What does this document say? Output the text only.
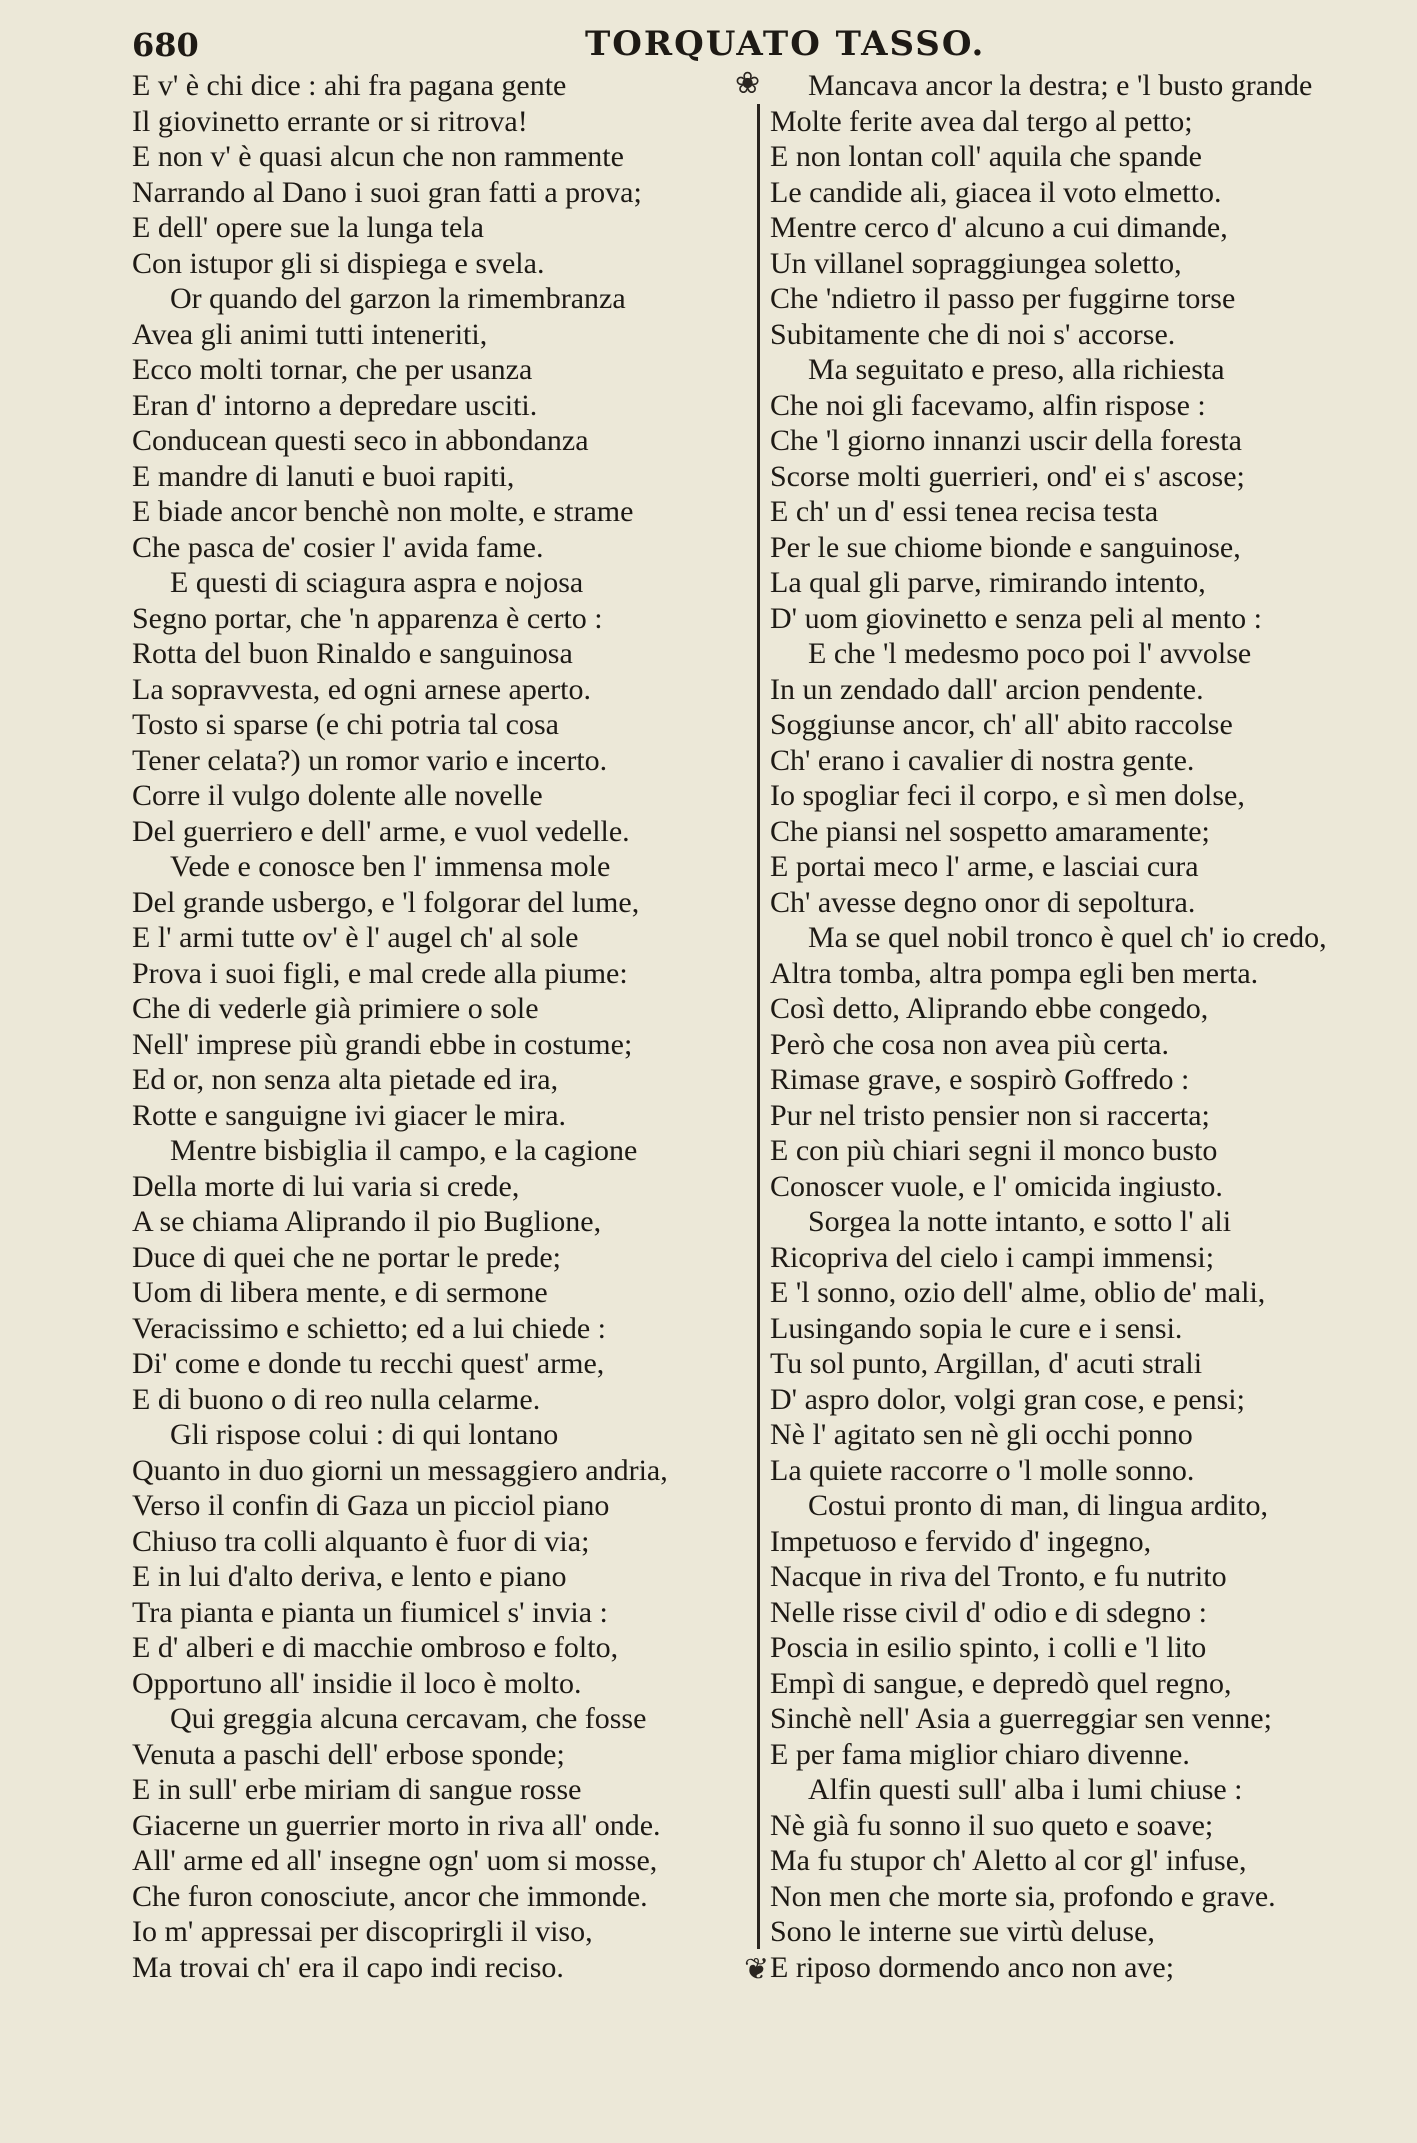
680	TORQUATO TASSO.
❀
❦
E v' è chi dice : ahi fra pagana gente
Il giovinetto errante or si ritrova!
E non v' è quasi alcun che non rammente
Narrando al Dano i suoi gran fatti a prova;
E dell' opere sue la lunga tela
Con istupor gli si dispiega e svela.
Or quando del garzon la rimembranza
Avea gli animi tutti inteneriti,
Ecco molti tornar, che per usanza
Eran d' intorno a depredare usciti.
Conducean questi seco in abbondanza
E mandre di lanuti e buoi rapiti,
E biade ancor benchè non molte, e strame
Che pasca de' cosier l' avida fame.
E questi di sciagura aspra e nojosa
Segno portar, che 'n apparenza è certo :
Rotta del buon Rinaldo e sanguinosa
La sopravvesta, ed ogni arnese aperto.
Tosto si sparse (e chi potria tal cosa
Tener celata?) un romor vario e incerto.
Corre il vulgo dolente alle novelle
Del guerriero e dell' arme, e vuol vedelle.
Vede e conosce ben l' immensa mole
Del grande usbergo, e 'l folgorar del lume,
E l' armi tutte ov' è l' augel ch' al sole
Prova i suoi figli, e mal crede alla piume:
Che di vederle già primiere o sole
Nell' imprese più grandi ebbe in costume;
Ed or, non senza alta pietade ed ira,
Rotte e sanguigne ivi giacer le mira.
Mentre bisbiglia il campo, e la cagione
Della morte di lui varia si crede,
A se chiama Aliprando il pio Buglione,
Duce di quei che ne portar le prede;
Uom di libera mente, e di sermone
Veracissimo e schietto; ed a lui chiede :
Di' come e donde tu recchi quest' arme,
E di buono o di reo nulla celarme.
Gli rispose colui : di qui lontano
Quanto in duo giorni un messaggiero andria,
Verso il confin di Gaza un picciol piano
Chiuso tra colli alquanto è fuor di via;
E in lui d'alto deriva, e lento e piano
Tra pianta e pianta un fiumicel s' invia :
E d' alberi e di macchie ombroso e folto,
Opportuno all' insidie il loco è molto.
Qui greggia alcuna cercavam, che fosse
Venuta a paschi dell' erbose sponde;
E in sull' erbe miriam di sangue rosse
Giacerne un guerrier morto in riva all' onde.
All' arme ed all' insegne ogn' uom si mosse,
Che furon conosciute, ancor che immonde.
Io m' appressai per discoprirgli il viso,
Ma trovai ch' era il capo indi reciso.
Mancava ancor la destra; e 'l busto grande
Molte ferite avea dal tergo al petto;
E non lontan coll' aquila che spande
Le candide ali, giacea il voto elmetto.
Mentre cerco d' alcuno a cui dimande,
Un villanel sopraggiungea soletto,
Che 'ndietro il passo per fuggirne torse
Subitamente che di noi s' accorse.
Ma seguitato e preso, alla richiesta
Che noi gli facevamo, alfin rispose :
Che 'l giorno innanzi uscir della foresta
Scorse molti guerrieri, ond' ei s' ascose;
E ch' un d' essi tenea recisa testa
Per le sue chiome bionde e sanguinose,
La qual gli parve, rimirando intento,
D' uom giovinetto e senza peli al mento :
E che 'l medesmo poco poi l' avvolse
In un zendado dall' arcion pendente.
Soggiunse ancor, ch' all' abito raccolse
Ch' erano i cavalier di nostra gente.
Io spogliar feci il corpo, e sì men dolse,
Che piansi nel sospetto amaramente;
E portai meco l' arme, e lasciai cura
Ch' avesse degno onor di sepoltura.
Ma se quel nobil tronco è quel ch' io credo,
Altra tomba, altra pompa egli ben merta.
Così detto, Aliprando ebbe congedo,
Però che cosa non avea più certa.
Rimase grave, e sospirò Goffredo :
Pur nel tristo pensier non si raccerta;
E con più chiari segni il monco busto
Conoscer vuole, e l' omicida ingiusto.
Sorgea la notte intanto, e sotto l' ali
Ricopriva del cielo i campi immensi;
E 'l sonno, ozio dell' alme, oblio de' mali,
Lusingando sopia le cure e i sensi.
Tu sol punto, Argillan, d' acuti strali
D' aspro dolor, volgi gran cose, e pensi;
Nè l' agitato sen nè gli occhi ponno
La quiete raccorre o 'l molle sonno.
Costui pronto di man, di lingua ardito,
Impetuoso e fervido d' ingegno,
Nacque in riva del Tronto, e fu nutrito
Nelle risse civil d' odio e di sdegno :
Poscia in esilio spinto, i colli e 'l lito
Empì di sangue, e depredò quel regno,
Sinchè nell' Asia a guerreggiar sen venne;
E per fama miglior chiaro divenne.
Alfin questi sull' alba i lumi chiuse :
Nè già fu sonno il suo queto e soave;
Ma fu stupor ch' Aletto al cor gl' infuse,
Non men che morte sia, profondo e grave.
Sono le interne sue virtù deluse,
E riposo dormendo anco non ave;
